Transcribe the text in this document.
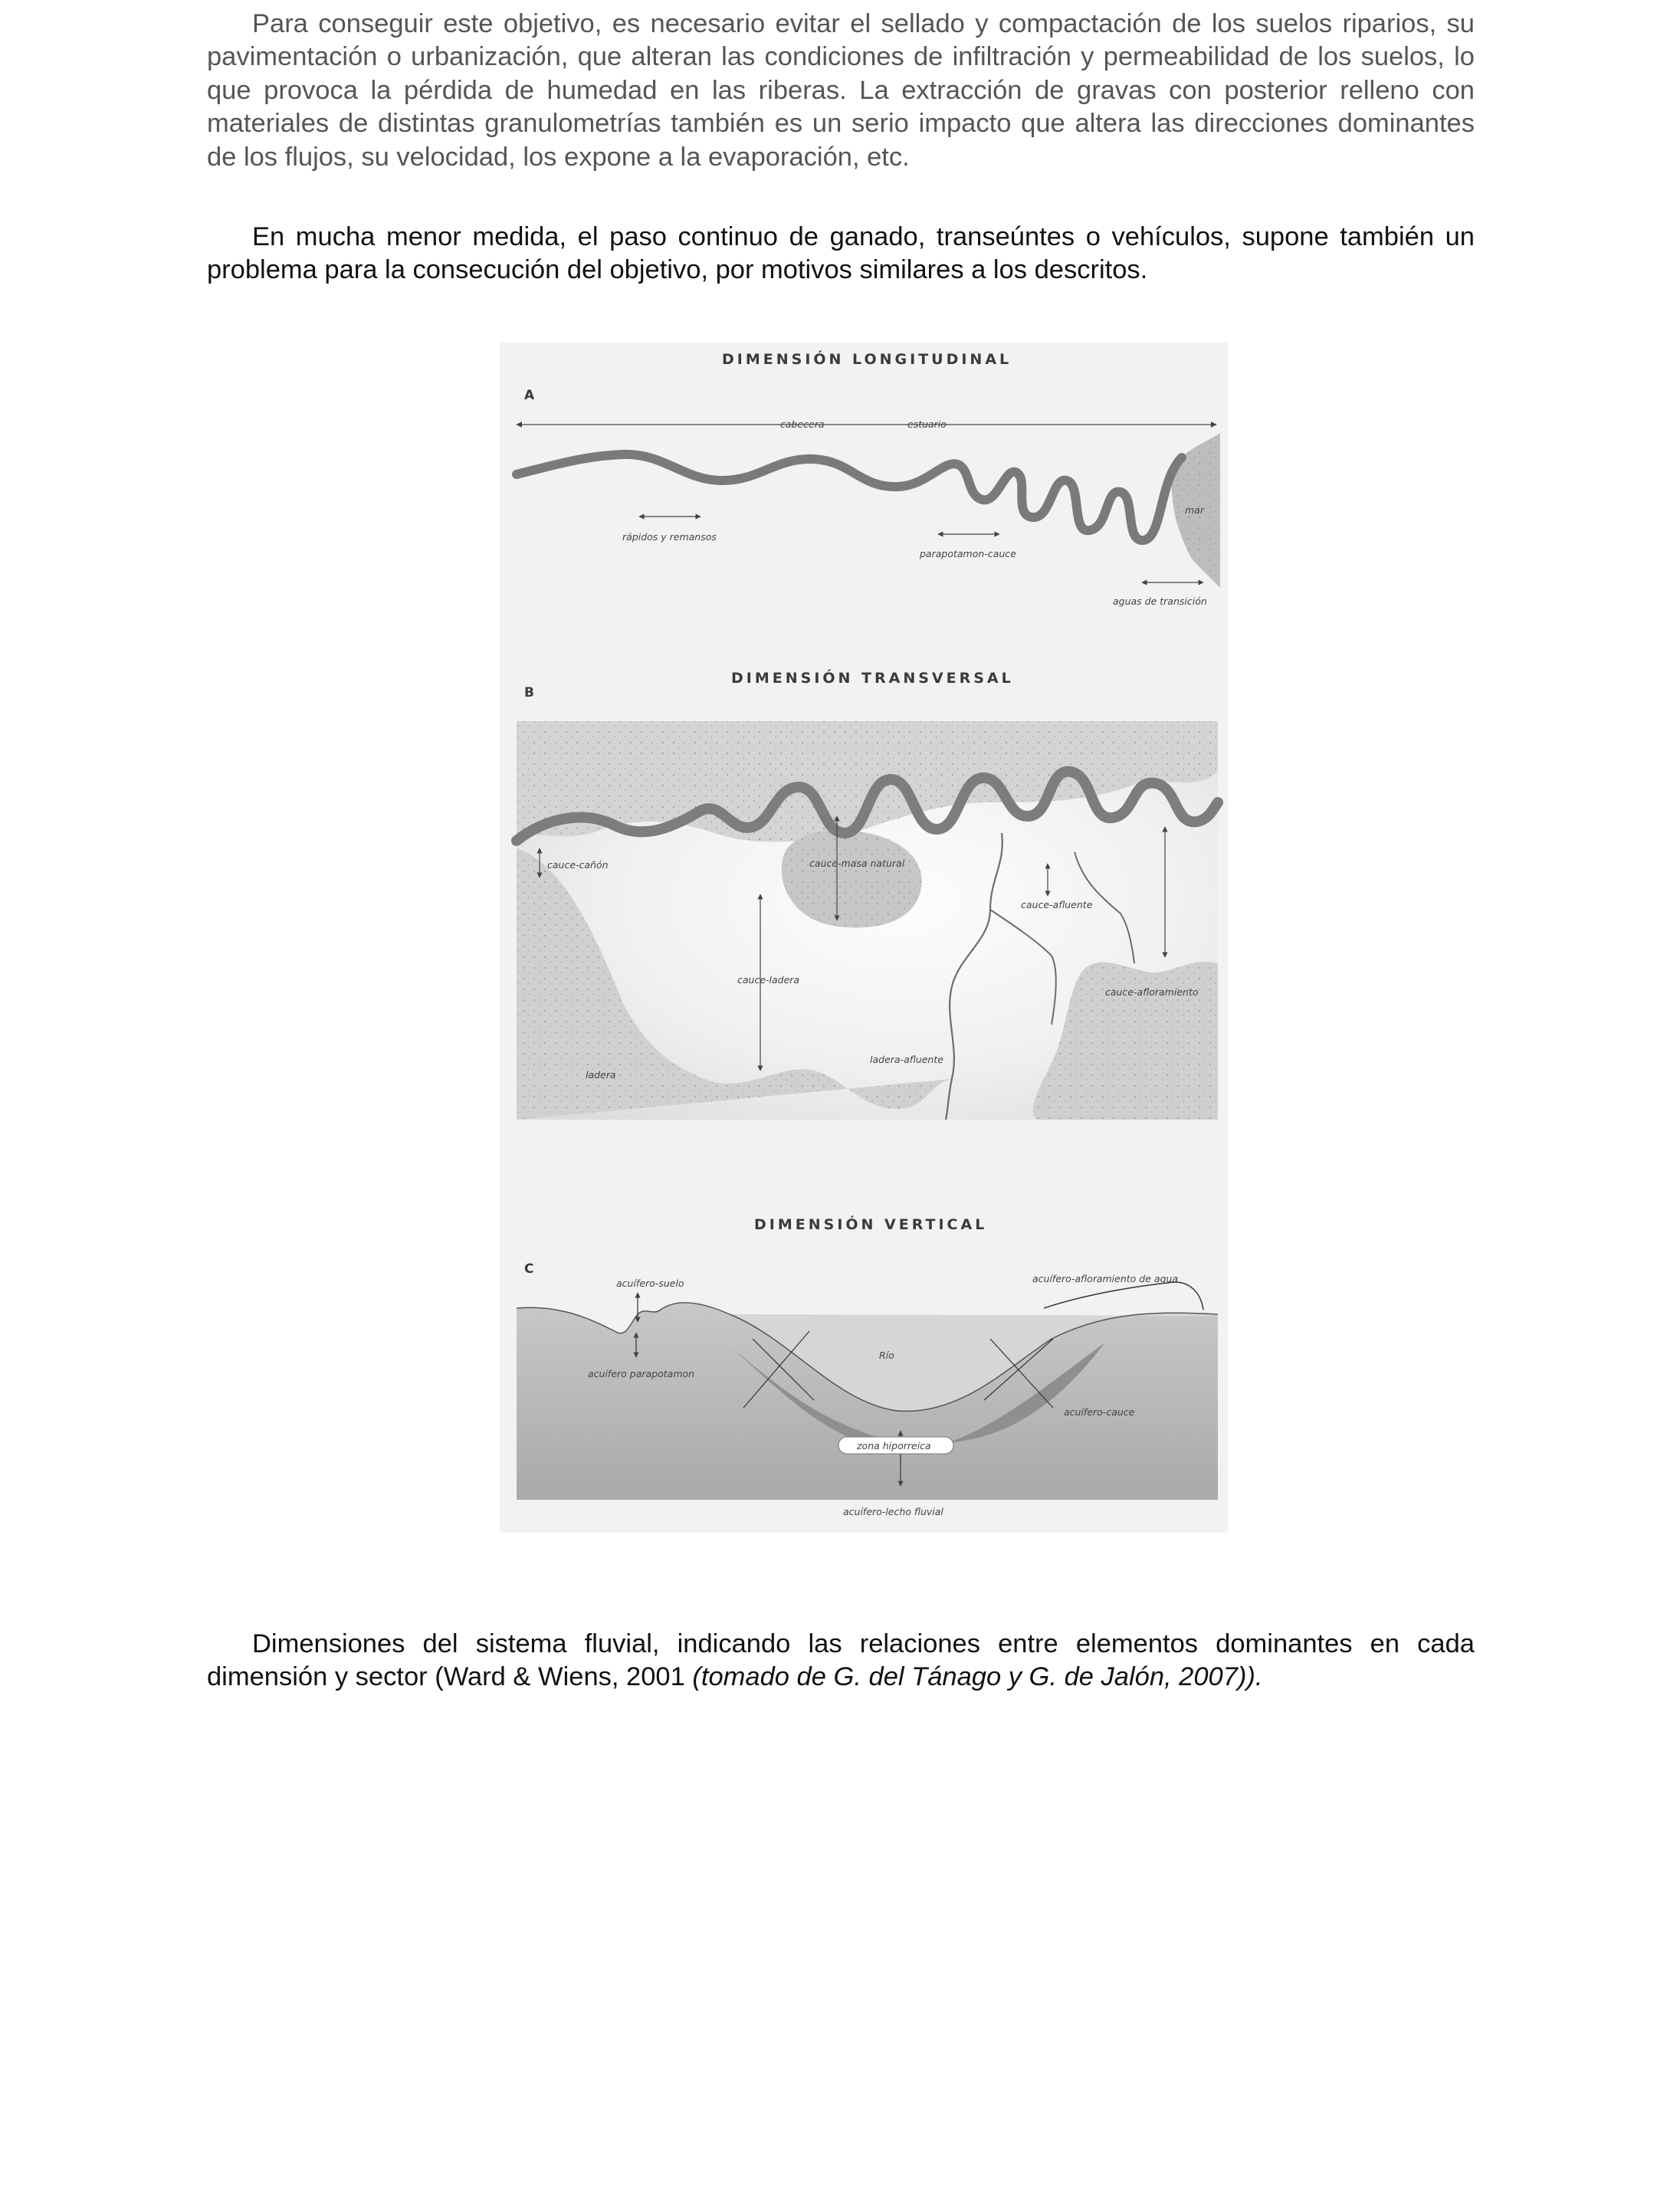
Para conseguir este objetivo, es necesario evitar el sellado y compactación de los suelos riparios, su pavimentación o urbanización, que alteran las condiciones de infiltración y permeabilidad de los suelos, lo que provoca la pérdida de humedad en las riberas. La extracción de gravas con posterior relleno con materiales de distintas granulometrías también es un serio impacto que altera las direcciones dominantes de los flujos, su velocidad, los expone a la evaporación, etc.

En mucha menor medida, el paso continuo de ganado, transeúntes o vehículos, supone también un problema para la consecución del objetivo, por motivos similares a los descritos.

DIMENSIÓN LONGITUDINAL
A
cabecera	estuario
mar
rápidos y remansos
parapotamon-cauce
aguas de transición
DIMENSIÓN TRANSVERSAL
B
cauce-cañón	cauce-masa natural
cauce-afluente
cauce-ladera
cauce-afloramiento
ladera-afluente
ladera
DIMENSIÓN VERTICAL
C
zona hiporreica
acuífero-suelo	acuífero-afloramiento de agua
acuífero parapotamon
Río
acuífero-cauce
acuífero-lecho fluvial

Dimensiones del sistema fluvial, indicando las relaciones entre elementos dominantes en cada dimensión y sector (Ward & Wiens, 2001 (tomado de G. del Tánago y G. de Jalón, 2007)).
